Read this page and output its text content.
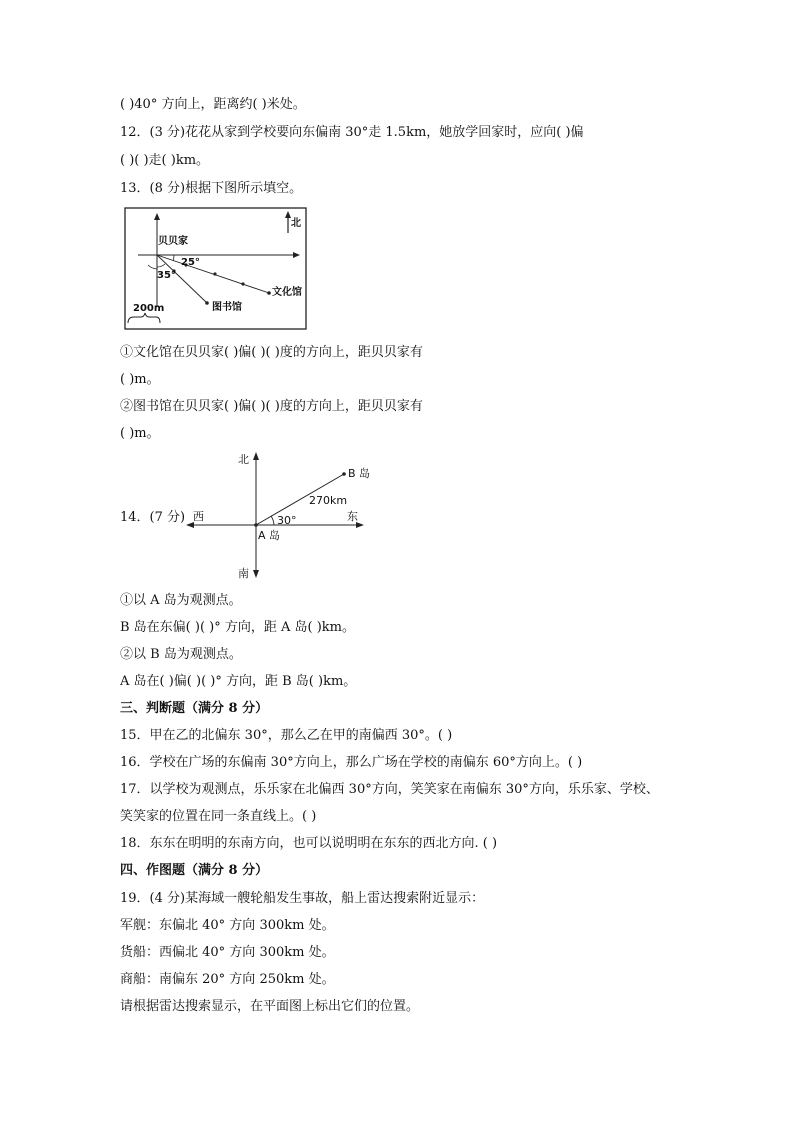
( )40° 方向上，距离约( )米处。
12．(3 分)花花从家到学校要向东偏南 30°走 1.5km，她放学回家时，应向( )偏
( )( )走( )km。
13．(8 分)根据下图所示填空。
北
贝贝家
25°
35°
文化馆
图书馆
200m
①文化馆在贝贝家( )偏( )( )度的方向上，距贝贝家有
( )m。
②图书馆在贝贝家( )偏( )( )度的方向上，距贝贝家有
( )m。
14．(7 分)
北
南
西	东
A 岛
B 岛
270km
30°
①以 A 岛为观测点。
B 岛在东偏( )( )° 方向，距 A 岛( )km。
②以 B 岛为观测点。
A 岛在( )偏( )( )° 方向，距 B 岛( )km。
三、判断题（满分 8 分）
15．甲在乙的北偏东 30°，那么乙在甲的南偏西 30°。( )
16．学校在广场的东偏南 30°方向上，那么广场在学校的南偏东 60°方向上。( )
17．以学校为观测点，乐乐家在北偏西 30°方向，笑笑家在南偏东 30°方向，乐乐家、学校、
笑笑家的位置在同一条直线上。( )
18．东东在明明的东南方向，也可以说明明在东东的西北方向. ( )
四、作图题（满分 8 分）
19．(4 分)某海域一艘轮船发生事故，船上雷达搜索附近显示：
军舰：东偏北 40° 方向 300km 处。
货船：西偏北 40° 方向 300km 处。
商船：南偏东 20° 方向 250km 处。
请根据雷达搜索显示，在平面图上标出它们的位置。
